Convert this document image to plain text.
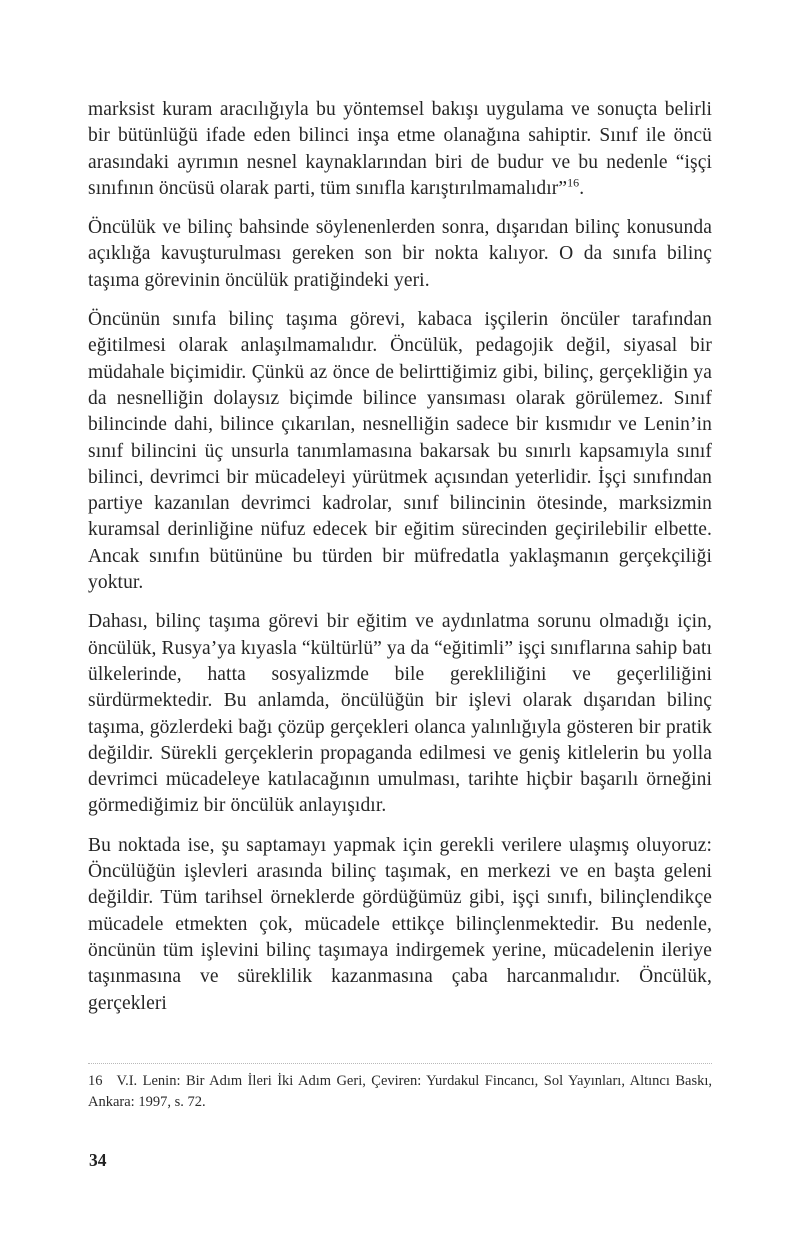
marksist kuram aracılığıyla bu yöntemsel bakışı uygulama ve sonuçta belirli bir bütünlüğü ifade eden bilinci inşa etme olanağına sahiptir. Sınıf ile öncü arasındaki ayrımın nesnel kaynaklarından biri de budur ve bu nedenle “işçi sınıfının öncüsü olarak parti, tüm sınıfla karıştırılmamalıdır”$^{16}$.

Öncülük ve bilinç bahsinde söylenenlerden sonra, dışarıdan bilinç konusunda açıklığa kavuşturulması gereken son bir nokta kalıyor. O da sınıfa bilinç taşıma görevinin öncülük pratiğindeki yeri.

Öncünün sınıfa bilinç taşıma görevi, kabaca işçilerin öncüler tarafından eğitilmesi olarak anlaşılmamalıdır. Öncülük, pedagojik değil, siyasal bir müdahale biçimidir. Çünkü az önce de belirttiğimiz gibi, bilinç, gerçekliğin ya da nesnelliğin dolaysız biçimde bilince yansıması olarak görülemez. Sınıf bilincinde dahi, bilince çıkarılan, nesnelliğin sadece bir kısmıdır ve Lenin’in sınıf bilincini üç unsurla tanımlamasına bakarsak bu sınırlı kapsamıyla sınıf bilinci, devrimci bir mücadeleyi yürütmek açısından yeterlidir. İşçi sınıfından partiye kazanılan devrimci kadrolar, sınıf bilincinin ötesinde, marksizmin kuramsal derinliğine nüfuz edecek bir eğitim sürecinden geçirilebilir elbette. Ancak sınıfın bütününe bu türden bir müfredatla yaklaşmanın gerçekçiliği yoktur.

Dahası, bilinç taşıma görevi bir eğitim ve aydınlatma sorunu olmadığı için, öncülük, Rusya’ya kıyasla “kültürlü” ya da “eğitimli” işçi sınıflarına sahip batı ülkelerinde, hatta sosyalizmde bile gerekliliğini ve geçerliliğini sürdürmektedir. Bu anlamda, öncülüğün bir işlevi olarak dışarıdan bilinç taşıma, gözlerdeki bağı çözüp gerçekleri olanca yalınlığıyla gösteren bir pratik değildir. Sürekli gerçeklerin propaganda edilmesi ve geniş kitlelerin bu yolla devrimci mücadeleye katılacağının umulması, tarihte hiçbir başarılı örneğini görmediğimiz bir öncülük anlayışıdır.

Bu noktada ise, şu saptamayı yapmak için gerekli verilere ulaşmış oluyoruz: Öncülüğün işlevleri arasında bilinç taşımak, en merkezi ve en başta geleni değildir. Tüm tarihsel örneklerde gördüğümüz gibi, işçi sınıfı, bilinçlendikçe mücadele etmekten çok, mücadele ettikçe bilinçlenmektedir. Bu nedenle, öncünün tüm işlevini bilinç taşımaya indirgemek yerine, mücadelenin ileriye taşınmasına ve süreklilik kazanmasına çaba harcanmalıdır. Öncülük, gerçekleri

16 V.I. Lenin: Bir Adım İleri İki Adım Geri, Çeviren: Yurdakul Fincancı, Sol Yayınları, Altıncı Baskı, Ankara: 1997, s. 72.

34
